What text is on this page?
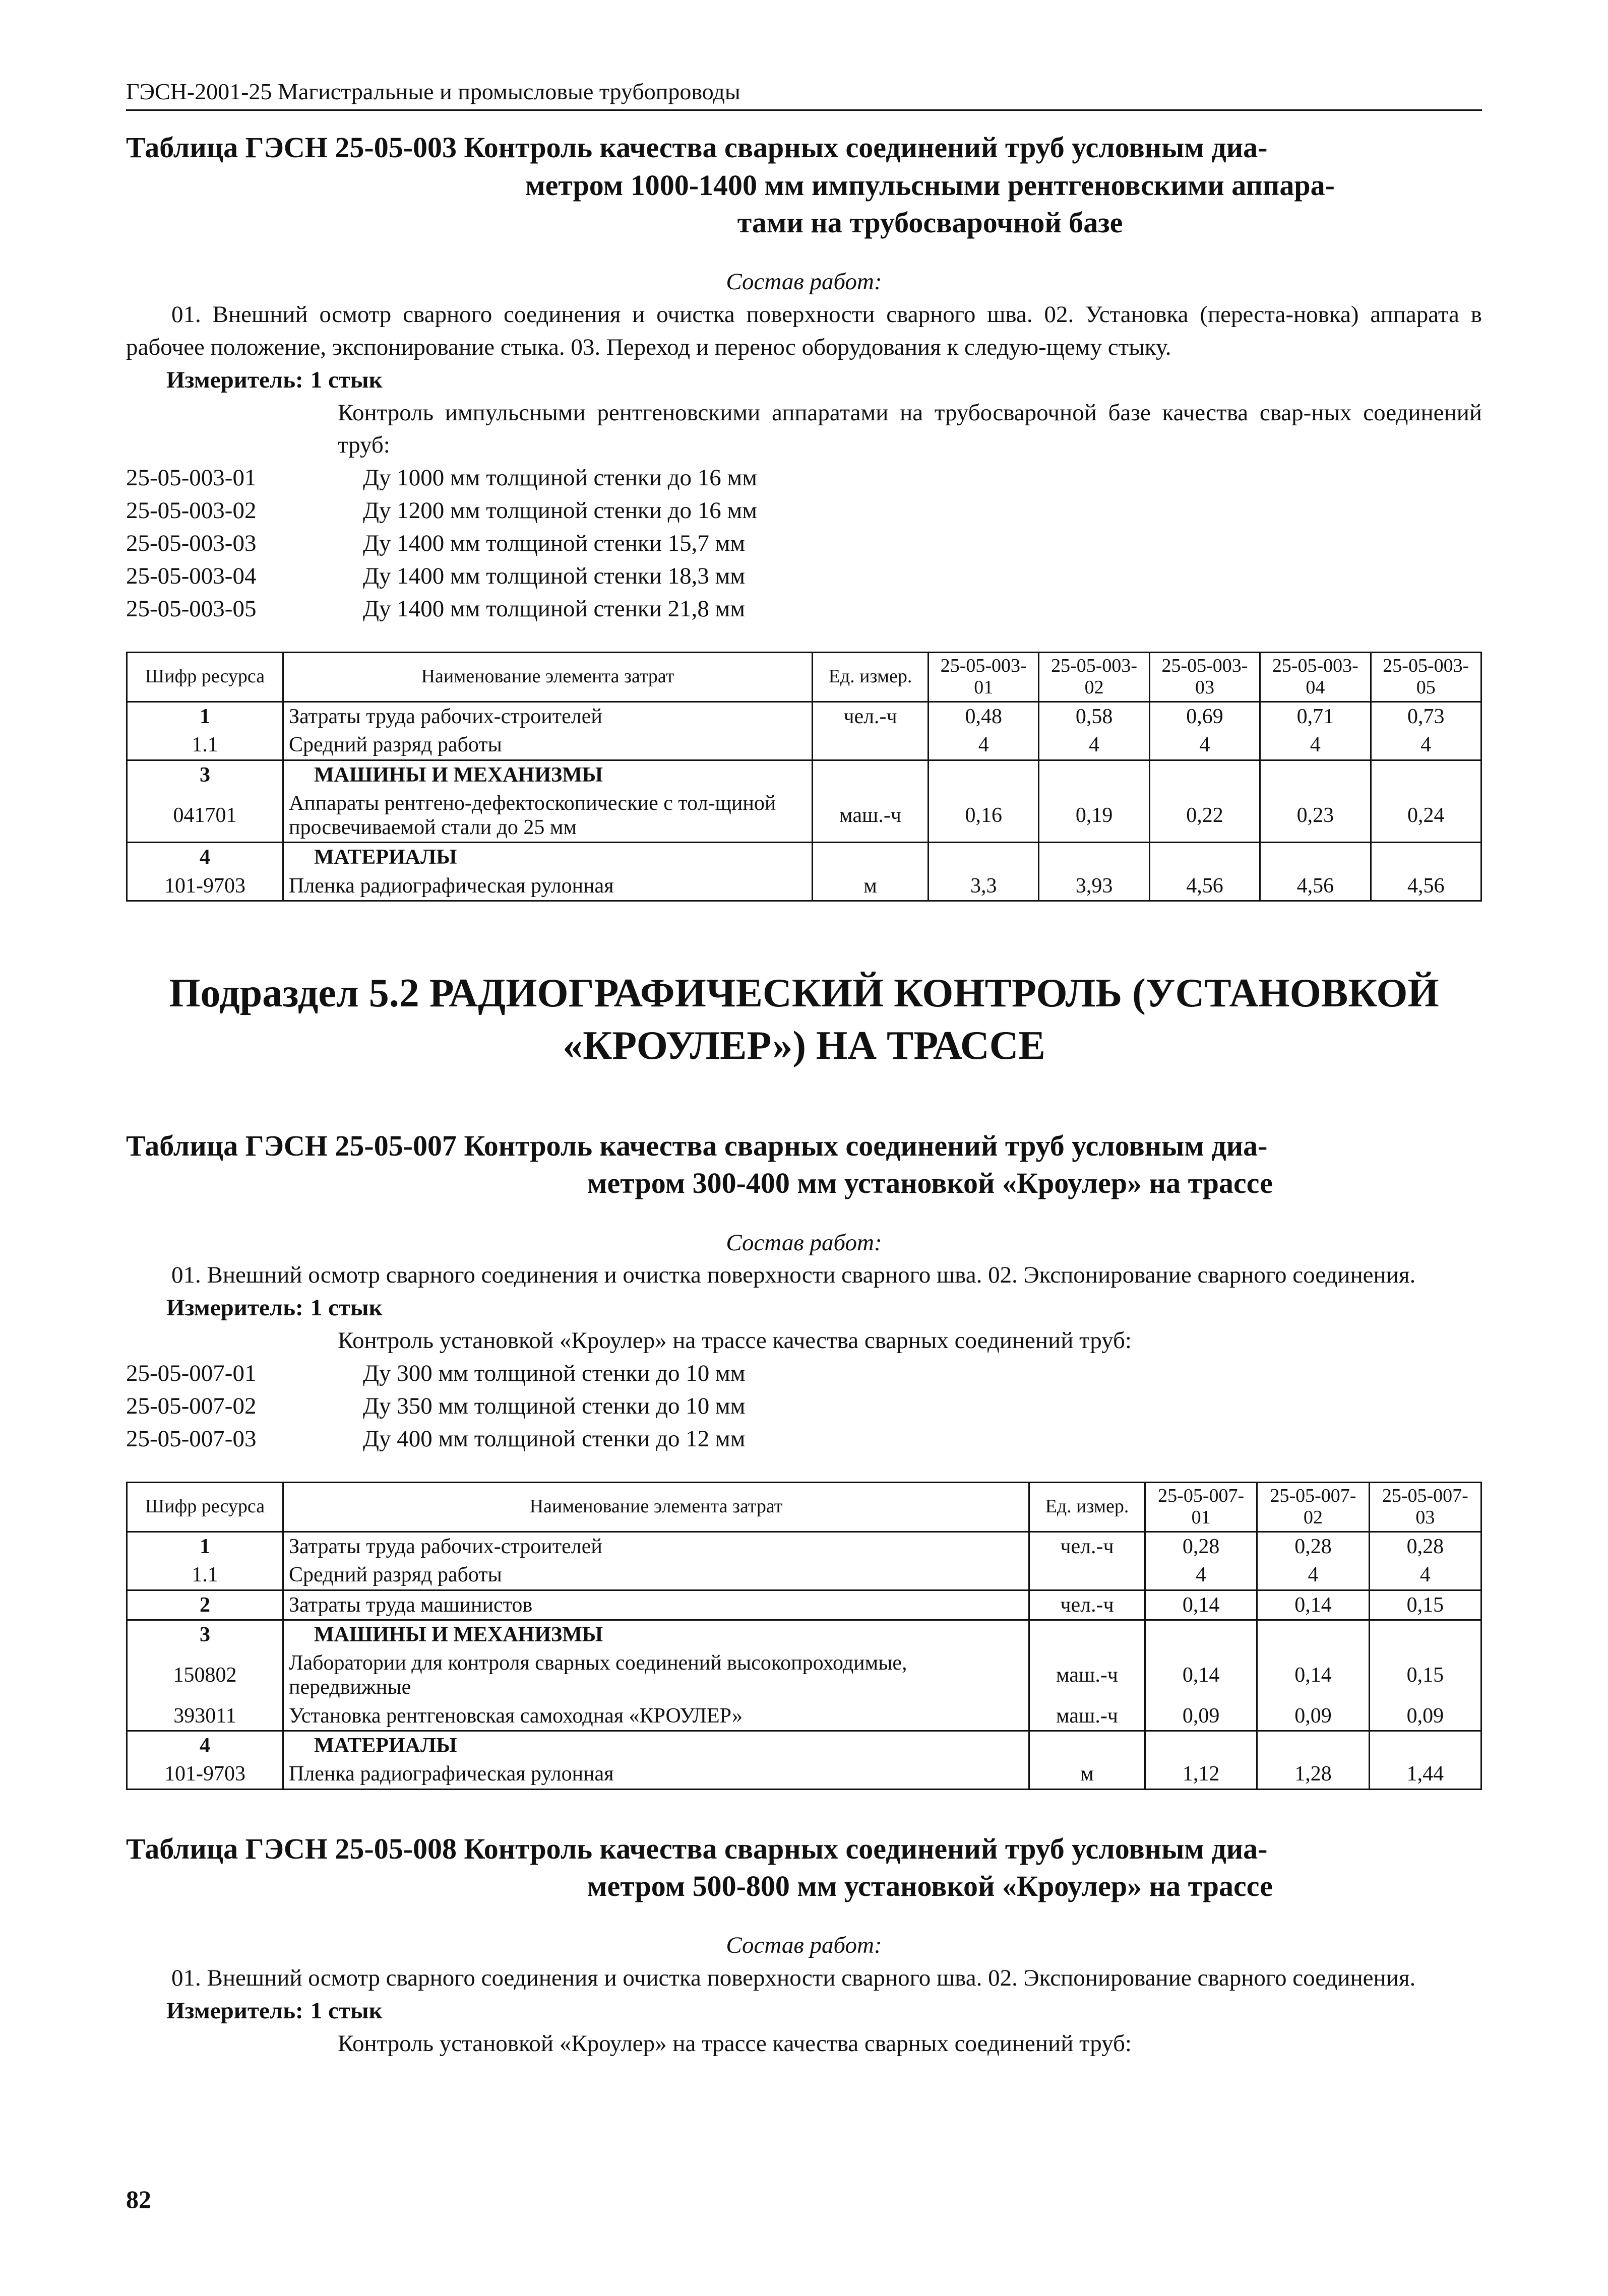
ГЭСН-2001-25 Магистральные и промысловые трубопроводы
Таблица ГЭСН 25-05-003 Контроль качества сварных соединений труб условным диа-
метром 1000-1400 мм импульсными рентгеновскими аппара-
тами на трубосварочной базе

Состав работ:

01. Внешний осмотр сварного соединения и очистка поверхности сварного шва. 02. Установка (переста-новка) аппарата в рабочее положение, экспонирование стыка. 03. Переход и перенос оборудования к следую-щему стыку.

Измеритель: 1 стык

Контроль импульсными рентгеновскими аппаратами на трубосварочной базе качества свар-ных соединений труб:

25-05-003-01	Ду 1000 мм толщиной стенки до 16 мм
25-05-003-02	Ду 1200 мм толщиной стенки до 16 мм
25-05-003-03	Ду 1400 мм толщиной стенки 15,7 мм
25-05-003-04	Ду 1400 мм толщиной стенки 18,3 мм
25-05-003-05	Ду 1400 мм толщиной стенки 21,8 мм
Шифр ресурса	Наименование элемента затрат	Ед. измер.	25-05-003-01	25-05-003-02	25-05-003-03	25-05-003-04	25-05-003-05
1	Затраты труда рабочих-строителей	чел.-ч	0,48	0,58	0,69	0,71	0,73
1.1	Средний разряд работы		4	4	4	4	4
3	МАШИНЫ И МЕХАНИЗМЫ						
041701	Аппараты рентгено-дефектоскопические с тол-щиной просвечиваемой стали до 25 мм	маш.-ч	0,16	0,19	0,22	0,23	0,24
4	МАТЕРИАЛЫ						
101-9703	Пленка радиографическая рулонная	м	3,3	3,93	4,56	4,56	4,56
Подраздел 5.2 РАДИОГРАФИЧЕСКИЙ КОНТРОЛЬ (УСТАНОВКОЙ «КРОУЛЕР») НА ТРАССЕ
Таблица ГЭСН 25-05-007 Контроль качества сварных соединений труб условным диа-
метром 300-400 мм установкой «Кроулер» на трассе

Состав работ:

01. Внешний осмотр сварного соединения и очистка поверхности сварного шва. 02. Экспонирование сварного соединения.

Измеритель: 1 стык

Контроль установкой «Кроулер» на трассе качества сварных соединений труб:

25-05-007-01	Ду 300 мм толщиной стенки до 10 мм
25-05-007-02	Ду 350 мм толщиной стенки до 10 мм
25-05-007-03	Ду 400 мм толщиной стенки до 12 мм
Шифр ресурса	Наименование элемента затрат	Ед. измер.	25-05-007-01	25-05-007-02	25-05-007-03
1	Затраты труда рабочих-строителей	чел.-ч	0,28	0,28	0,28
1.1	Средний разряд работы		4	4	4
2	Затраты труда машинистов	чел.-ч	0,14	0,14	0,15
3	МАШИНЫ И МЕХАНИЗМЫ				
150802	Лаборатории для контроля сварных соединений высокопроходимые, передвижные	маш.-ч	0,14	0,14	0,15
393011	Установка рентгеновская самоходная «КРОУЛЕР»	маш.-ч	0,09	0,09	0,09
4	МАТЕРИАЛЫ				
101-9703	Пленка радиографическая рулонная	м	1,12	1,28	1,44
Таблица ГЭСН 25-05-008 Контроль качества сварных соединений труб условным диа-
метром 500-800 мм установкой «Кроулер» на трассе

Состав работ:

01. Внешний осмотр сварного соединения и очистка поверхности сварного шва. 02. Экспонирование сварного соединения.

Измеритель: 1 стык

Контроль установкой «Кроулер» на трассе качества сварных соединений труб:

82
